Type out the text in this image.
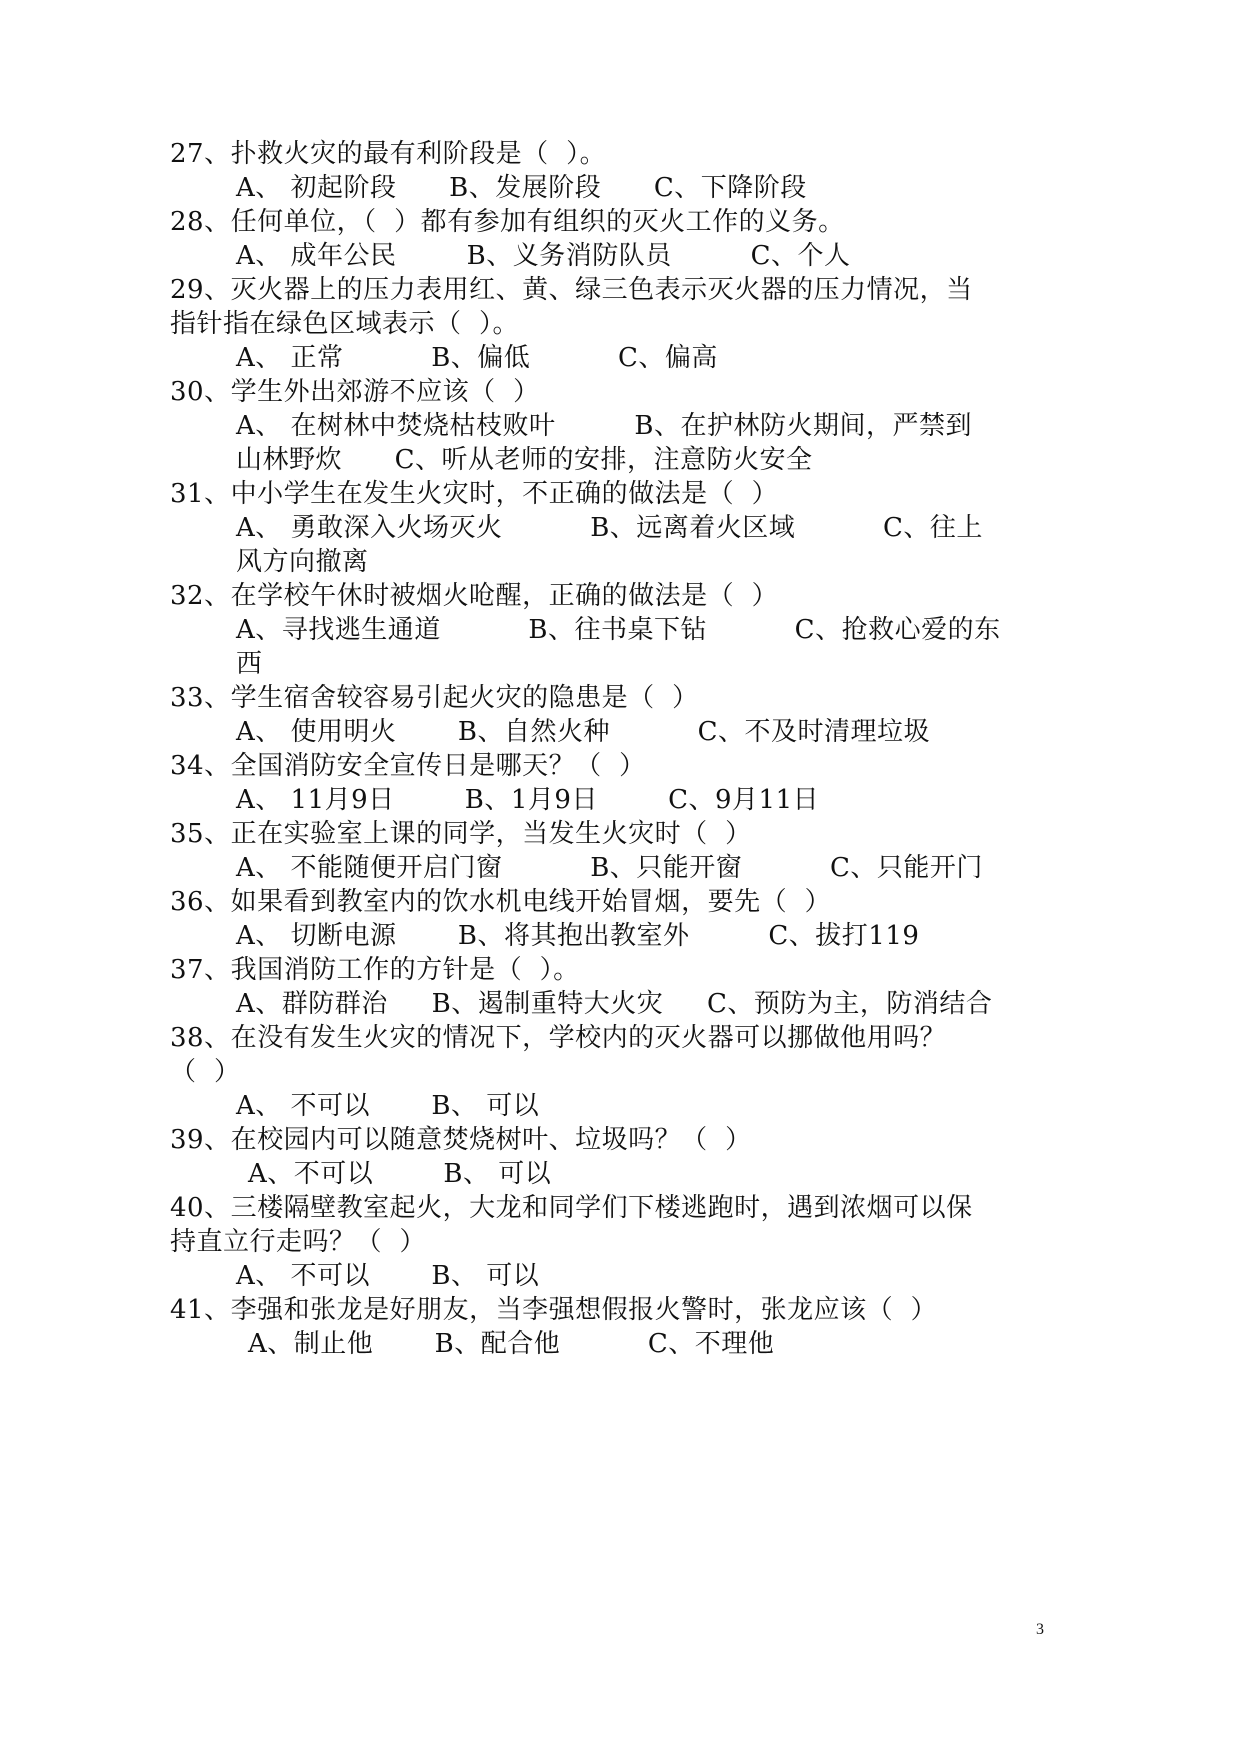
27、扑救火灾的最有利阶段是（  ）。
A、 初起阶段      B、发展阶段      C、下降阶段
28、任何单位，（  ）都有参加有组织的灭火工作的义务。
A、 成年公民        B、义务消防队员         C、个人
29、灭火器上的压力表用红、黄、绿三色表示灭火器的压力情况，当
指针指在绿色区域表示（  ）。
A、 正常          B、偏低          C、偏高
30、学生外出郊游不应该（  ）
A、 在树林中焚烧枯枝败叶         B、在护林防火期间，严禁到
山林野炊      C、听从老师的安排，注意防火安全
31、中小学生在发生火灾时，不正确的做法是（  ）
A、 勇敢深入火场灭火          B、远离着火区域          C、往上
风方向撤离
32、在学校午休时被烟火呛醒，正确的做法是（  ）
A、寻找逃生通道          B、往书桌下钻          C、抢救心爱的东
西
33、学生宿舍较容易引起火灾的隐患是（  ）
A、 使用明火       B、自然火种          C、不及时清理垃圾
34、全国消防安全宣传日是哪天？（  ）
A、 11月9日        B、1月9日        C、9月11日
35、正在实验室上课的同学，当发生火灾时（  ）
A、 不能随便开启门窗          B、只能开窗          C、只能开门
36、如果看到教室内的饮水机电线开始冒烟，要先（  ）
A、 切断电源       B、将其抱出教室外         C、拔打119
37、我国消防工作的方针是（  ）。
A、群防群治     B、遏制重特大火灾     C、预防为主，防消结合
38、在没有发生火灾的情况下，学校内的灭火器可以挪做他用吗？
（  ）
A、 不可以       B、 可以
39、在校园内可以随意焚烧树叶、垃圾吗？（  ）
A、不可以        B、 可以
40、三楼隔壁教室起火，大龙和同学们下楼逃跑时，遇到浓烟可以保
持直立行走吗？（  ）
A、 不可以       B、 可以
41、李强和张龙是好朋友，当李强想假报火警时，张龙应该（  ）
A、制止他       B、配合他          C、不理他
3
